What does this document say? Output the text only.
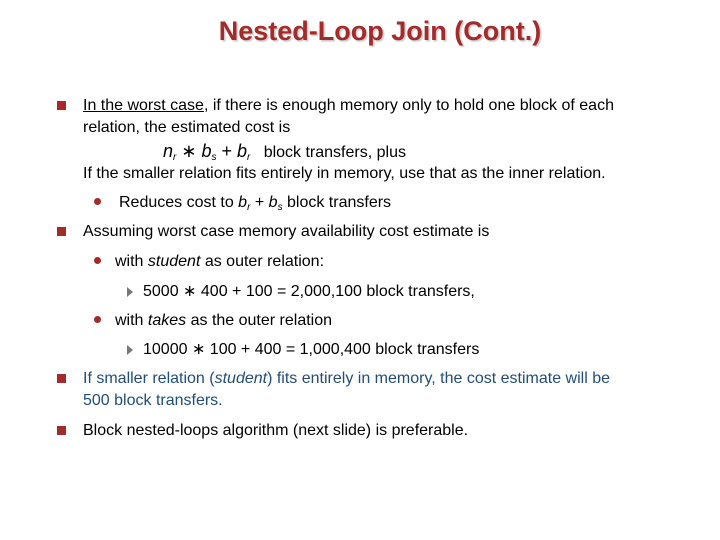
Nested-Loop Join (Cont.)
In the worst case, if there is enough memory only to hold one block of each
relation, the estimated cost is
$n_r$ ∗ $b_s + b_r$ block transfers, plus
If the smaller relation fits entirely in memory, use that as the inner relation.
Reduces cost to $b_r + b_s$ block transfers
Assuming worst case memory availability cost estimate is
with student as outer relation:
5000 ∗ 400 + 100 = 2,000,100 block transfers,
with takes as the outer relation
10000 ∗ 100 + 400 = 1,000,400 block transfers
If smaller relation (student) fits entirely in memory, the cost estimate will be
500 block transfers.
Block nested-loops algorithm (next slide) is preferable.
